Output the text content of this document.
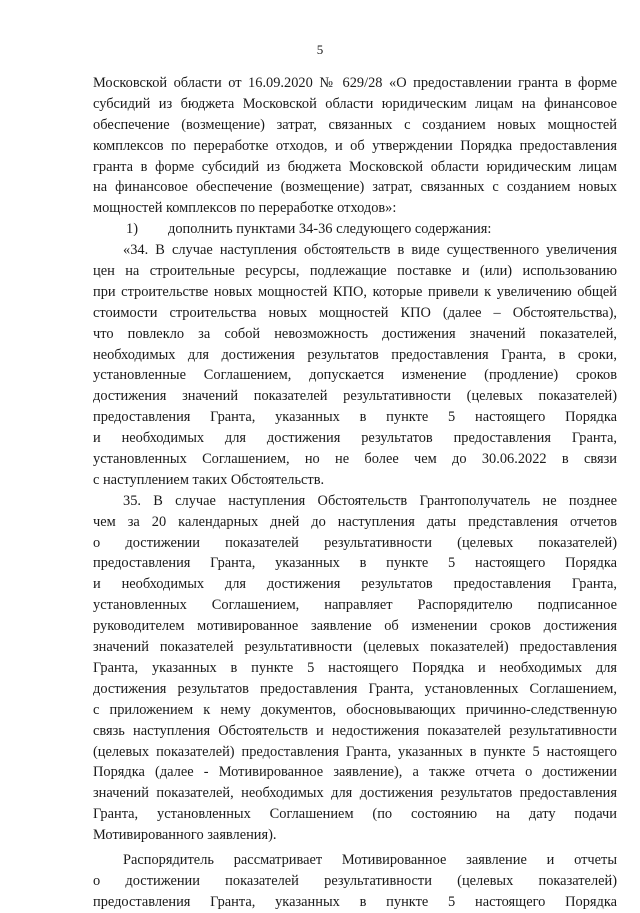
5
Московской области от 16.09.2020 № 629/28 «О предоставлении гранта в форме
субсидий из бюджета Московской области юридическим лицам на финансовое
обеспечение (возмещение) затрат, связанных с созданием новых мощностей
комплексов по переработке отходов, и об утверждении Порядка предоставления
гранта в форме субсидий из бюджета Московской области юридическим лицам
на финансовое обеспечение (возмещение) затрат, связанных с созданием новых
мощностей комплексов по переработке отходов»:
1) дополнить пунктами 34-36 следующего содержания:
«34. В случае наступления обстоятельств в виде существенного увеличения
цен на строительные ресурсы, подлежащие поставке и (или) использованию
при строительстве новых мощностей КПО, которые привели к увеличению общей
стоимости строительства новых мощностей КПО (далее – Обстоятельства),
что повлекло за собой невозможность достижения значений показателей,
необходимых для достижения результатов предоставления Гранта, в сроки,
установленные Соглашением, допускается изменение (продление) сроков
достижения значений показателей результативности (целевых показателей)
предоставления Гранта, указанных в пункте 5 настоящего Порядка
и необходимых для достижения результатов предоставления Гранта,
установленных Соглашением, но не более чем до 30.06.2022 в связи
с наступлением таких Обстоятельств.
35. В случае наступления Обстоятельств Грантополучатель не позднее
чем за 20 календарных дней до наступления даты представления отчетов
о достижении показателей результативности (целевых показателей)
предоставления Гранта, указанных в пункте 5 настоящего Порядка
и необходимых для достижения результатов предоставления Гранта,
установленных Соглашением, направляет Распорядителю подписанное
руководителем мотивированное заявление об изменении сроков достижения
значений показателей результативности (целевых показателей) предоставления
Гранта, указанных в пункте 5 настоящего Порядка и необходимых для
достижения результатов предоставления Гранта, установленных Соглашением,
с приложением к нему документов, обосновывающих причинно-следственную
связь наступления Обстоятельств и недостижения показателей результативности
(целевых показателей) предоставления Гранта, указанных в пункте 5 настоящего
Порядка (далее - Мотивированное заявление), а также отчета о достижении
значений показателей, необходимых для достижения результатов предоставления
Гранта, установленных Соглашением (по состоянию на дату подачи
Мотивированного заявления).
Распорядитель рассматривает Мотивированное заявление и отчеты
о достижении показателей результативности (целевых показателей)
предоставления Гранта, указанных в пункте 5 настоящего Порядка
